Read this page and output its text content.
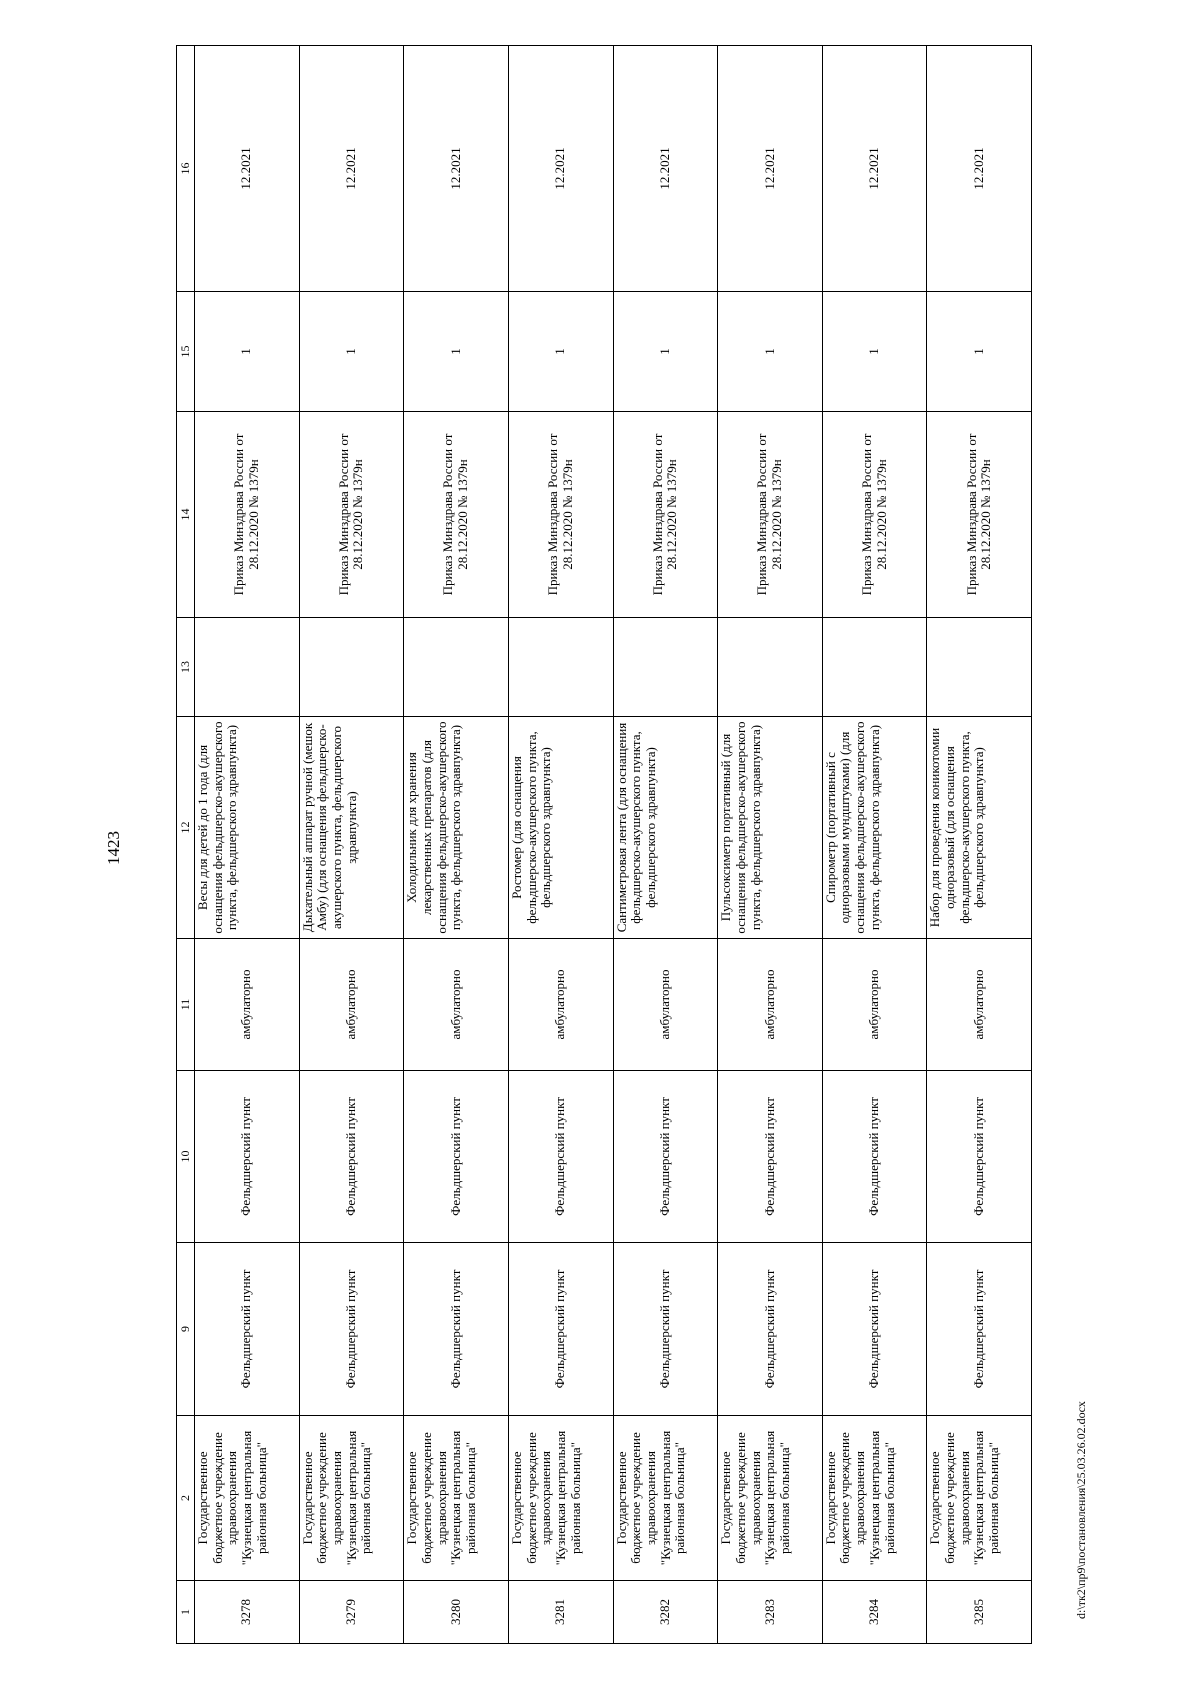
1423
1	2	9	10	11	12	13	14	15	16
3278	Государственное бюджетное учреждение здравоохранения "Кузнецкая центральная районная больница"	Фельдшерский пункт	Фельдшерский пункт	амбулаторно	Весы для детей до 1 года (для оснащения фельдшерско-акушерского пункта, фельдшерского здравпункта)		Приказ Минздрава России от 28.12.2020 № 1379н	1	12.2021
3279	Государственное бюджетное учреждение здравоохранения "Кузнецкая центральная районная больница"	Фельдшерский пункт	Фельдшерский пункт	амбулаторно	Дыхательный аппарат ручной (мешок Амбу) (для оснащения фельдшерско-акушерского пункта, фельдшерского здравпункта)		Приказ Минздрава России от 28.12.2020 № 1379н	1	12.2021
3280	Государственное бюджетное учреждение здравоохранения "Кузнецкая центральная районная больница"	Фельдшерский пункт	Фельдшерский пункт	амбулаторно	Холодильник для хранения лекарственных препаратов (для оснащения фельдшерско-акушерского пункта, фельдшерского здравпункта)		Приказ Минздрава России от 28.12.2020 № 1379н	1	12.2021
3281	Государственное бюджетное учреждение здравоохранения "Кузнецкая центральная районная больница"	Фельдшерский пункт	Фельдшерский пункт	амбулаторно	Ростомер (для оснащения фельдшерско-акушерского пункта, фельдшерского здравпункта)		Приказ Минздрава России от 28.12.2020 № 1379н	1	12.2021
3282	Государственное бюджетное учреждение здравоохранения "Кузнецкая центральная районная больница"	Фельдшерский пункт	Фельдшерский пункт	амбулаторно	Сантиметровая лента (для оснащения фельдшерско-акушерского пункта, фельдшерского здравпункта)		Приказ Минздрава России от 28.12.2020 № 1379н	1	12.2021
3283	Государственное бюджетное учреждение здравоохранения "Кузнецкая центральная районная больница"	Фельдшерский пункт	Фельдшерский пункт	амбулаторно	Пульсоксиметр портативный (для оснащения фельдшерско-акушерского пункта, фельдшерского здравпункта)		Приказ Минздрава России от 28.12.2020 № 1379н	1	12.2021
3284	Государственное бюджетное учреждение здравоохранения "Кузнецкая центральная районная больница"	Фельдшерский пункт	Фельдшерский пункт	амбулаторно	Спирометр (портативный с одноразовыми мундштуками) (для оснащения фельдшерско-акушерского пункта, фельдшерского здравпункта)		Приказ Минздрава России от 28.12.2020 № 1379н	1	12.2021
3285	Государственное бюджетное учреждение здравоохранения "Кузнецкая центральная районная больница"	Фельдшерский пункт	Фельдшерский пункт	амбулаторно	Набор для проведения коникотомии одноразовый (для оснащения фельдшерско-акушерского пункта, фельдшерского здравпункта)		Приказ Минздрава России от 28.12.2020 № 1379н	1	12.2021
d:\тк2\пр9\постановления\25.03.26.02.docx
